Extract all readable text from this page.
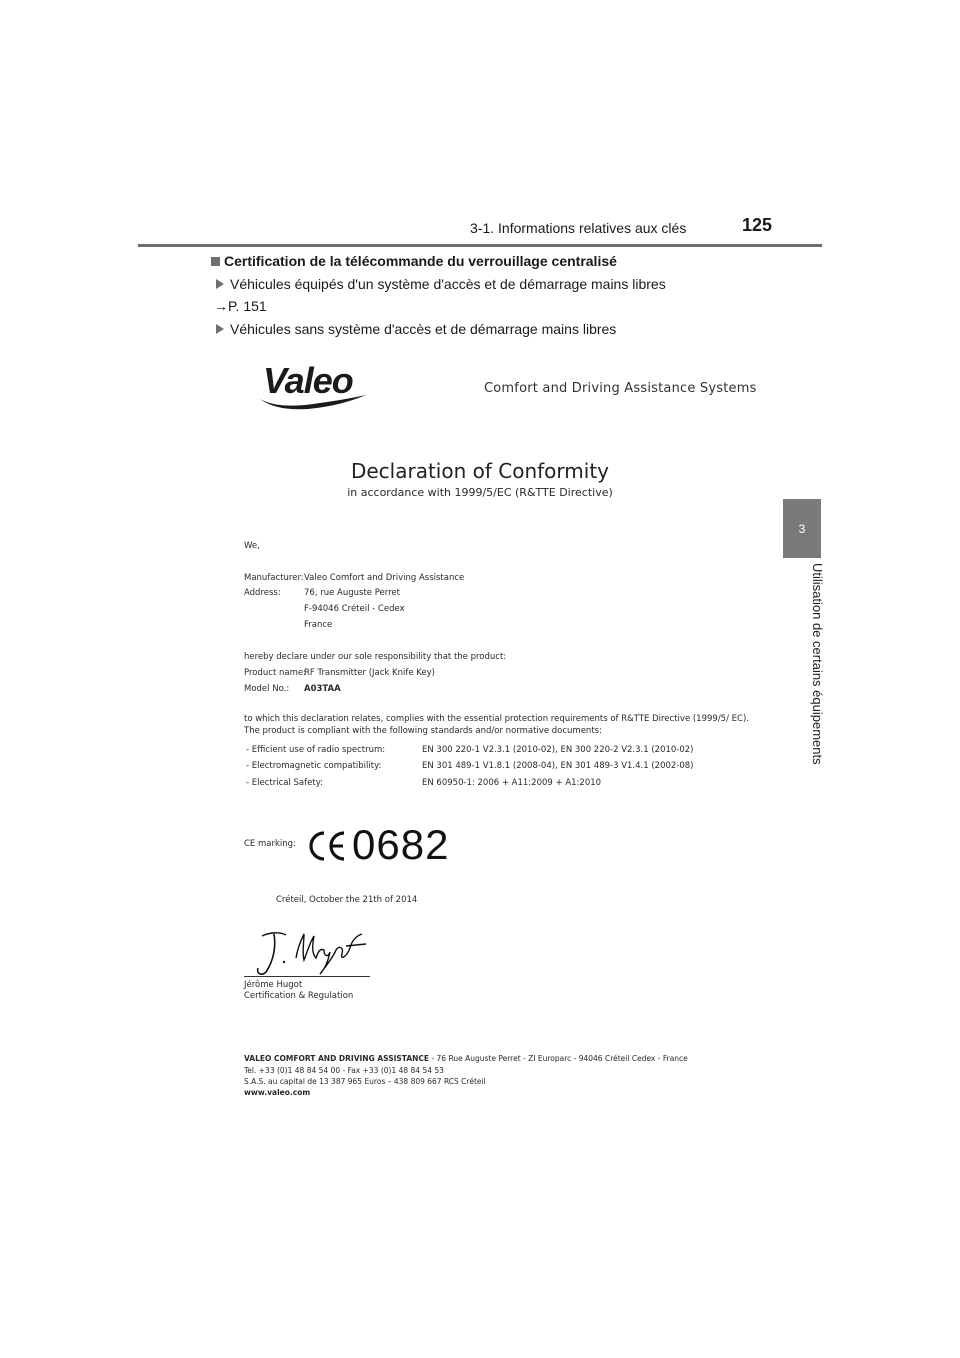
3-1. Informations relatives aux clés	125
3
Utilisation de certains équipements
Certification de la télécommande du verrouillage centralisé
Véhicules équipés d'un système d'accès et de démarrage mains libres
→P. 151
Véhicules sans système d'accès et de démarrage mains libres
Valeo	Comfort and Driving Assistance Systems
Declaration of Conformity
in accordance with 1999/5/EC (R&TTE Directive)
We,
Manufacturer: Valeo Comfort and Driving Assistance
Address:	76, rue Auguste Perret
F-94046 Créteil - Cedex
France
hereby declare under our sole responsibility that the product:
Product name:
RF Transmitter (Jack Knife Key)
Model No.: A03TAA
to which this declaration relates, complies with the essential protection requirements of R&TTE Directive (1999/5/ EC).
The product is compliant with the following standards and/or normative documents:
- Efficient use of radio spectrum:	EN 300 220-1 V2.3.1 (2010-02), EN 300 220-2 V2.3.1 (2010-02)
- Electromagnetic compatibility:	EN 301 489-1 V1.8.1 (2008-04), EN 301 489-3 V1.4.1 (2002-08)
- Electrical Safety:	EN 60950-1: 2006 + A11:2009 + A1:2010
CE marking: 0682
Créteil, October the 21th of 2014
Jérôme Hugot
Certification & Regulation
VALEO COMFORT AND DRIVING ASSISTANCE - 76 Rue Auguste Perret - ZI Europarc - 94046 Créteil Cedex - France
Tel. +33 (0)1 48 84 54 00 - Fax +33 (0)1 48 84 54 53
S.A.S. au capital de 13 387 965 Euros – 438 809 667 RCS Créteil
www.valeo.com
